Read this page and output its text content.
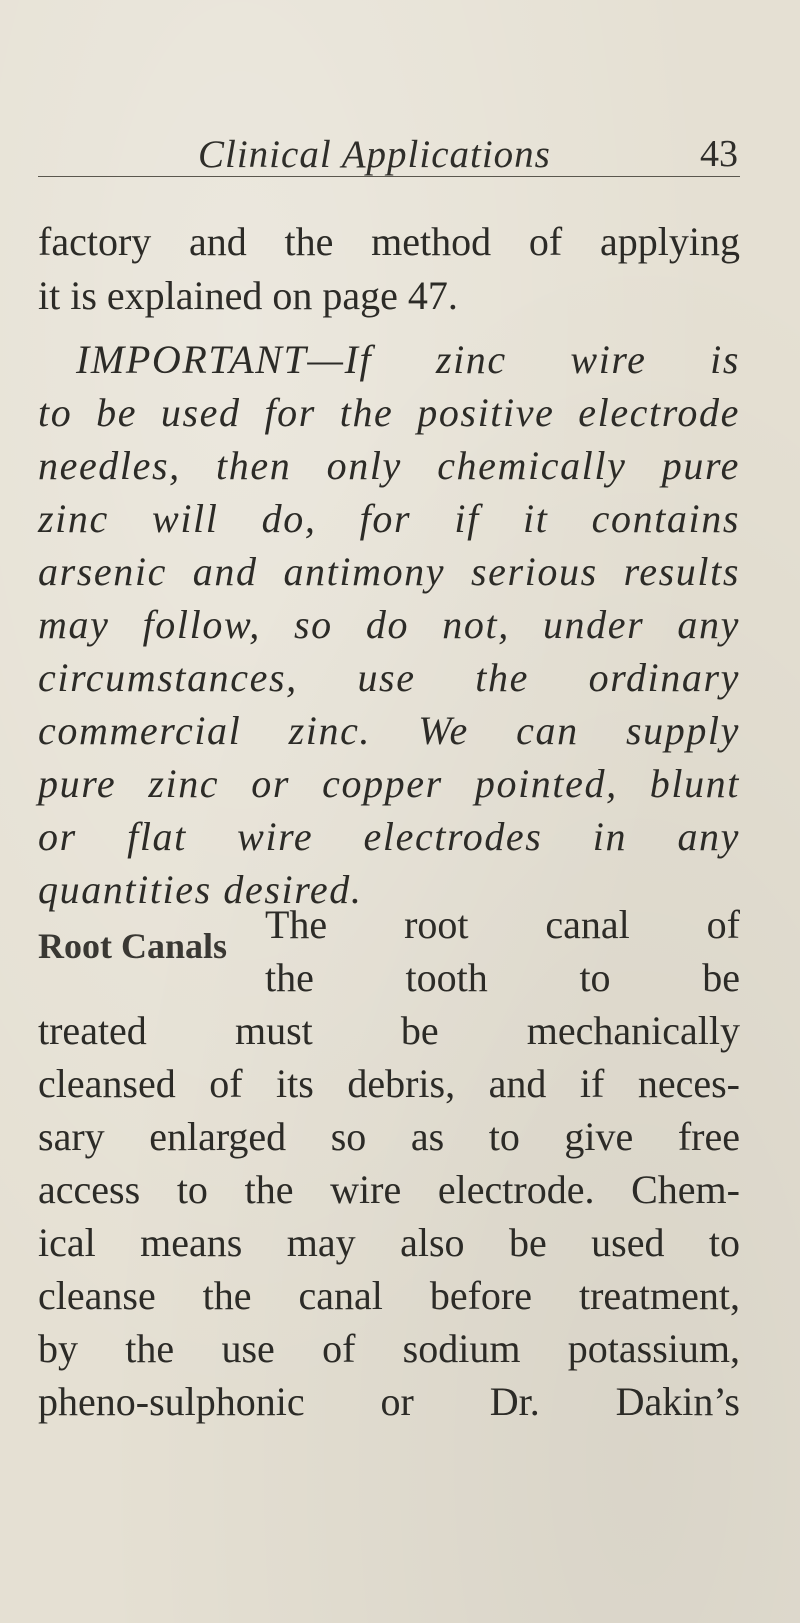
Clinical Applications	43
factory and the method of applying
it is explained on page 47.
IMPORTANT—If zinc wire is
to be used for the positive electrode
needles, then only chemically pure
zinc will do, for if it contains
arsenic and antimony serious results
may follow, so do not, under any
circumstances, use the ordinary
commercial zinc. We can supply
pure zinc or copper pointed, blunt
or flat wire electrodes in any
quantities desired.
Root Canals The root canal of
the tooth to be
treated must be mechanically
cleansed of its debris, and if neces-
sary enlarged so as to give free
access to the wire electrode. Chem-
ical means may also be used to
cleanse the canal before treatment,
by the use of sodium potassium,
pheno-sulphonic or Dr. Dakin’s
